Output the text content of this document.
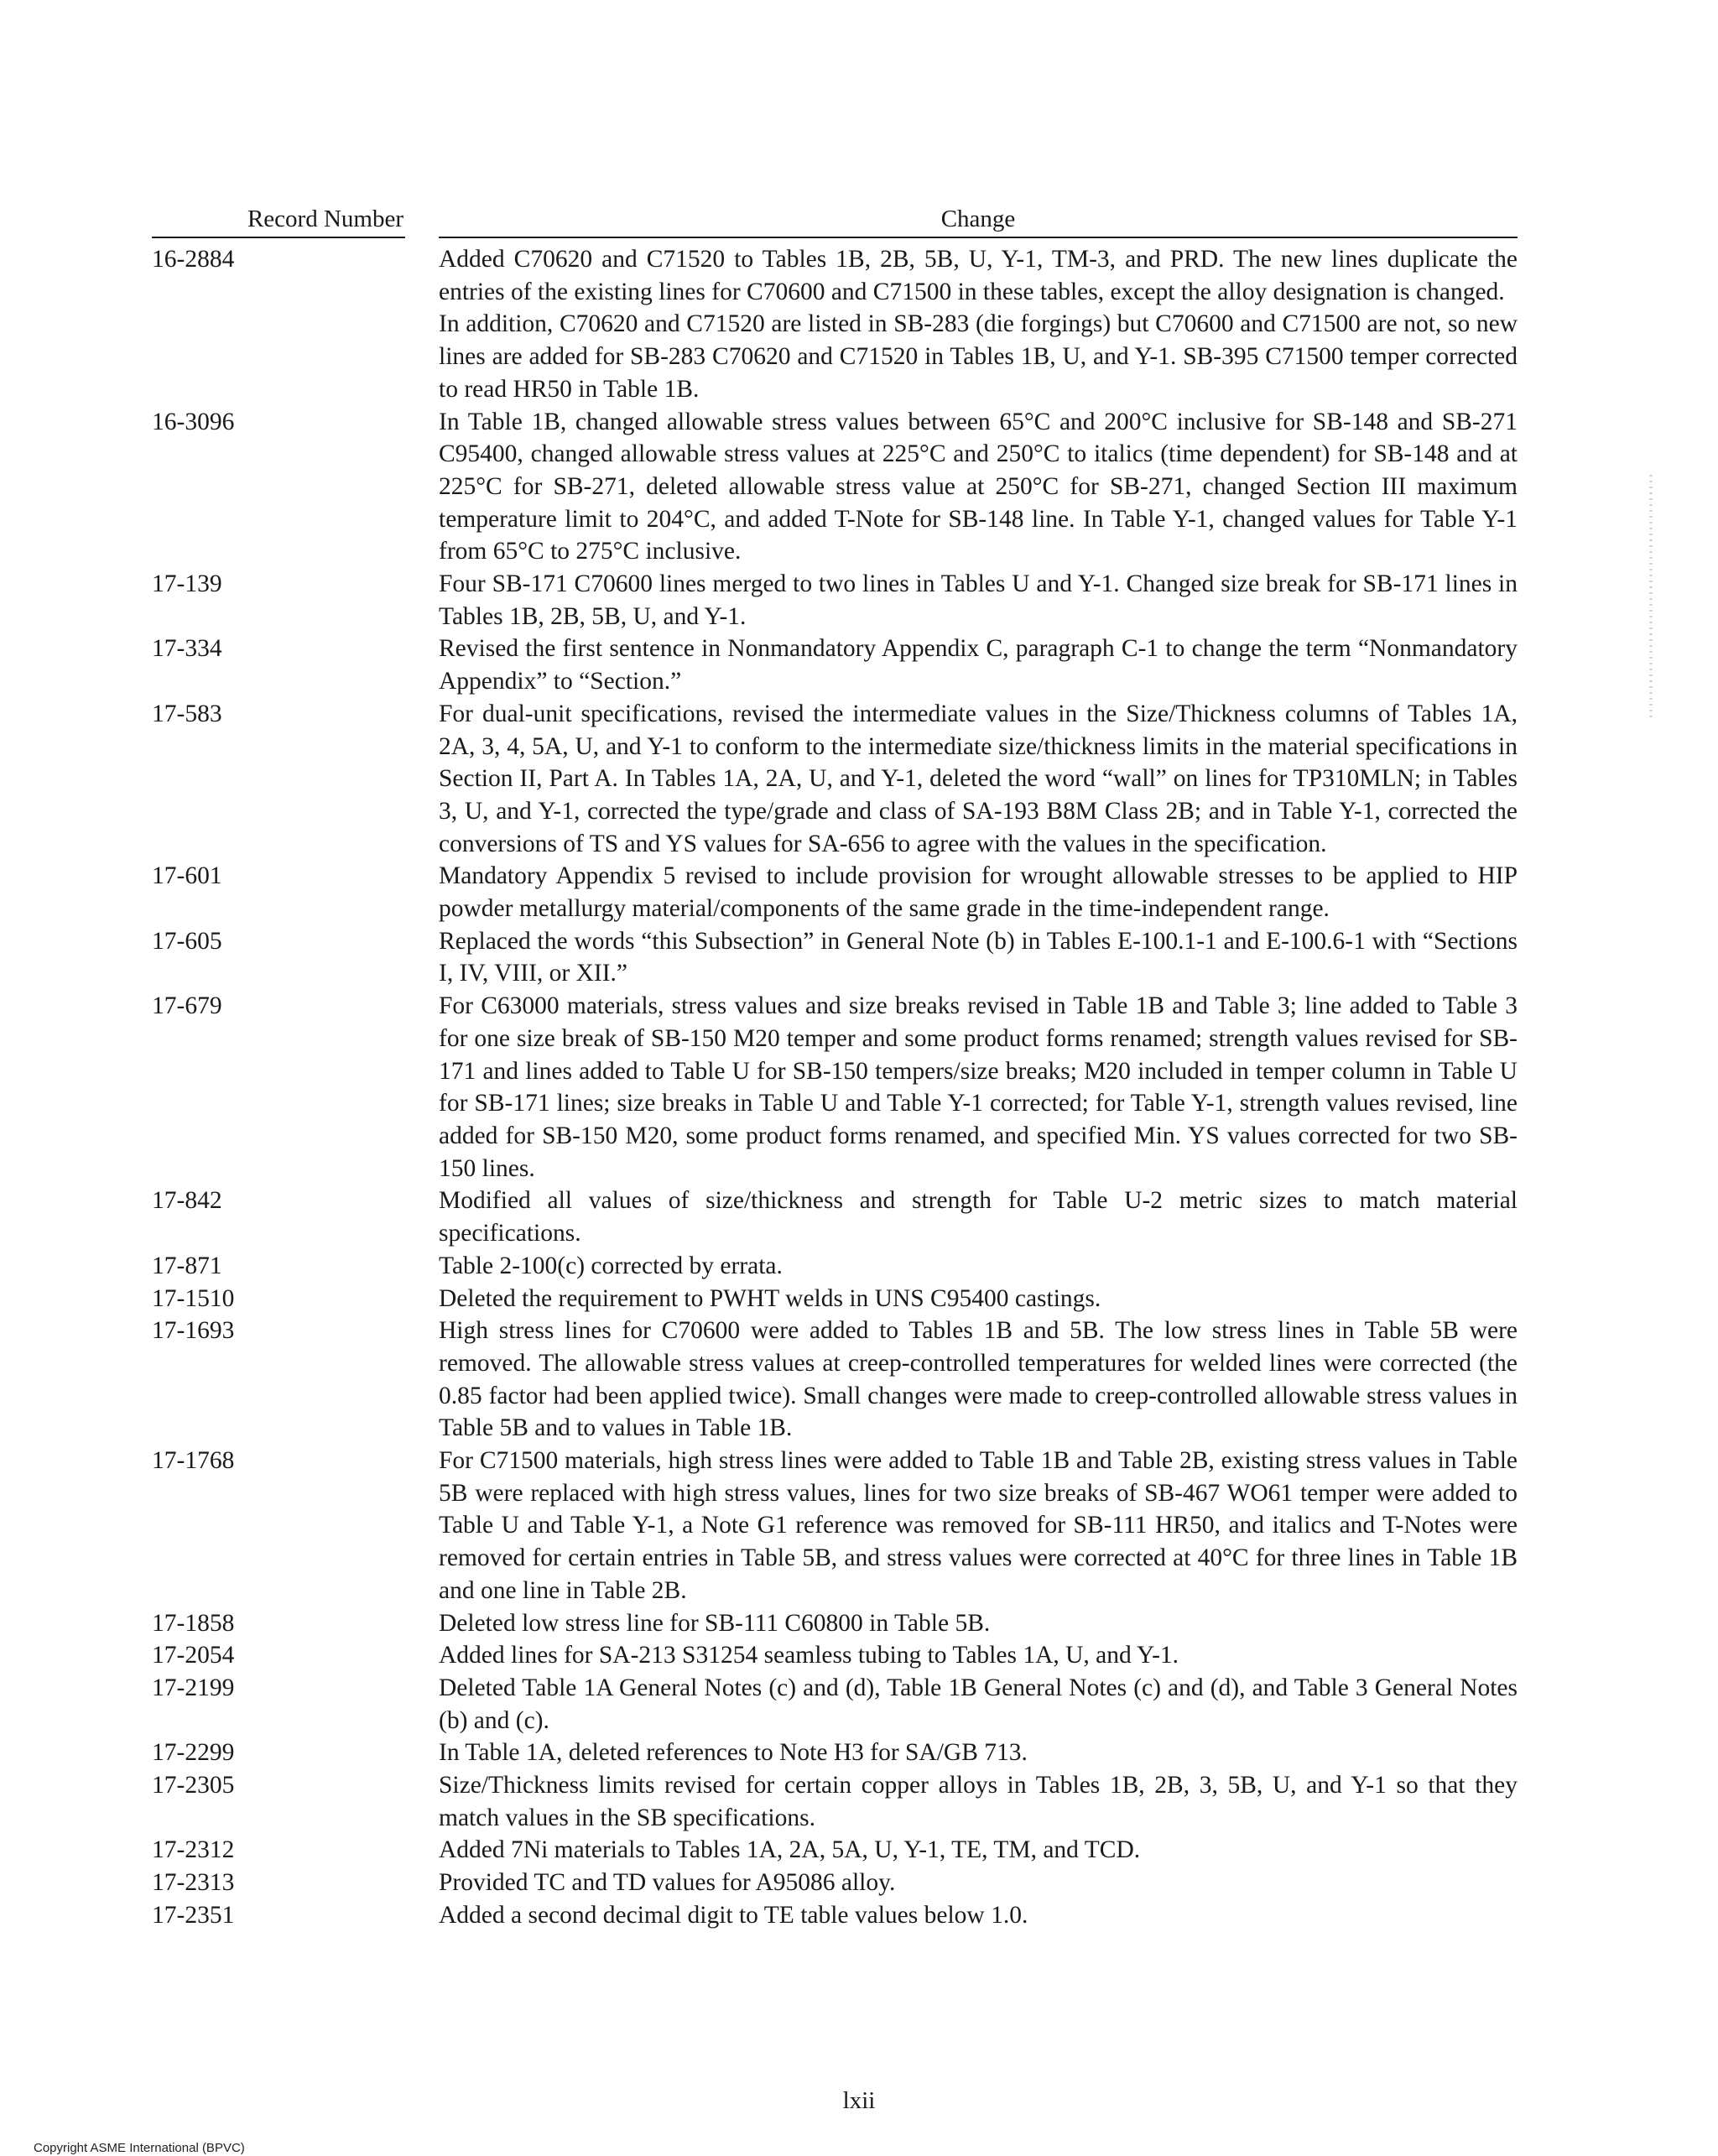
Record Number	Change
16-2884	Added C70620 and C71520 to Tables 1B, 2B, 5B, U, Y-1, TM-3, and PRD. The new lines duplicate the entries of the existing lines for C70600 and C71500 in these tables, except the alloy designation is changed.

In addition, C70620 and C71520 are listed in SB-283 (die forgings) but C70600 and C71500 are not, so new lines are added for SB-283 C70620 and C71520 in Tables 1B, U, and Y-1. SB-395 C71500 temper corrected to read HR50 in Table 1B.

16-3096	In Table 1B, changed allowable stress values between 65°C and 200°C inclusive for SB-148 and SB-271 C95400, changed allowable stress values at 225°C and 250°C to italics (time dependent) for SB-148 and at 225°C for SB-271, deleted allowable stress value at 250°C for SB-271, changed Section III maximum temperature limit to 204°C, and added T-Note for SB-148 line. In Table Y-1, changed values for Table Y-1 from 65°C to 275°C inclusive.

17-139	Four SB-171 C70600 lines merged to two lines in Tables U and Y-1. Changed size break for SB-171 lines in Tables 1B, 2B, 5B, U, and Y-1.

17-334	Revised the first sentence in Nonmandatory Appendix C, paragraph C-1 to change the term “Nonmandatory Appendix” to “Section.”

17-583	For dual-unit specifications, revised the intermediate values in the Size/Thickness columns of Tables 1A, 2A, 3, 4, 5A, U, and Y-1 to conform to the intermediate size/thickness limits in the material specifications in Section II, Part A. In Tables 1A, 2A, U, and Y-1, deleted the word “wall” on lines for TP310MLN; in Tables 3, U, and Y-1, corrected the type/grade and class of SA-193 B8M Class 2B; and in Table Y-1, corrected the conversions of TS and YS values for SA-656 to agree with the values in the specification.

17-601	Mandatory Appendix 5 revised to include provision for wrought allowable stresses to be applied to HIP powder metallurgy material/components of the same grade in the time-independent range.

17-605	Replaced the words “this Subsection” in General Note (b) in Tables E-100.1-1 and E-100.6-1 with “Sections I, IV, VIII, or XII.”

17-679	For C63000 materials, stress values and size breaks revised in Table 1B and Table 3; line added to Table 3 for one size break of SB-150 M20 temper and some product forms renamed; strength values revised for SB-171 and lines added to Table U for SB-150 tempers/size breaks; M20 included in temper column in Table U for SB-171 lines; size breaks in Table U and Table Y-1 corrected; for Table Y-1, strength values revised, line added for SB-150 M20, some product forms renamed, and specified Min. YS values corrected for two SB-150 lines.

17-842	Modified all values of size/thickness and strength for Table U-2 metric sizes to match material specifications.

17-871	Table 2-100(c) corrected by errata.

17-1510	Deleted the requirement to PWHT welds in UNS C95400 castings.

17-1693	High stress lines for C70600 were added to Tables 1B and 5B. The low stress lines in Table 5B were removed. The allowable stress values at creep-controlled temperatures for welded lines were corrected (the 0.85 factor had been applied twice). Small changes were made to creep-controlled allowable stress values in Table 5B and to values in Table 1B.

17-1768	For C71500 materials, high stress lines were added to Table 1B and Table 2B, existing stress values in Table 5B were replaced with high stress values, lines for two size breaks of SB-467 WO61 temper were added to Table U and Table Y-1, a Note G1 reference was removed for SB-111 HR50, and italics and T-Notes were removed for certain entries in Table 5B, and stress values were corrected at 40°C for three lines in Table 1B and one line in Table 2B.

17-1858	Deleted low stress line for SB-111 C60800 in Table 5B.

17-2054	Added lines for SA-213 S31254 seamless tubing to Tables 1A, U, and Y-1.

17-2199	Deleted Table 1A General Notes (c) and (d), Table 1B General Notes (c) and (d), and Table 3 General Notes (b) and (c).

17-2299	In Table 1A, deleted references to Note H3 for SA/GB 713.

17-2305	Size/Thickness limits revised for certain copper alloys in Tables 1B, 2B, 3, 5B, U, and Y-1 so that they match values in the SB specifications.

17-2312	Added 7Ni materials to Tables 1A, 2A, 5A, U, Y-1, TE, TM, and TCD.

17-2313	Provided TC and TD values for A95086 alloy.

17-2351	Added a second decimal digit to TE table values below 1.0.

lxii
Copyright ASME International (BPVC)
